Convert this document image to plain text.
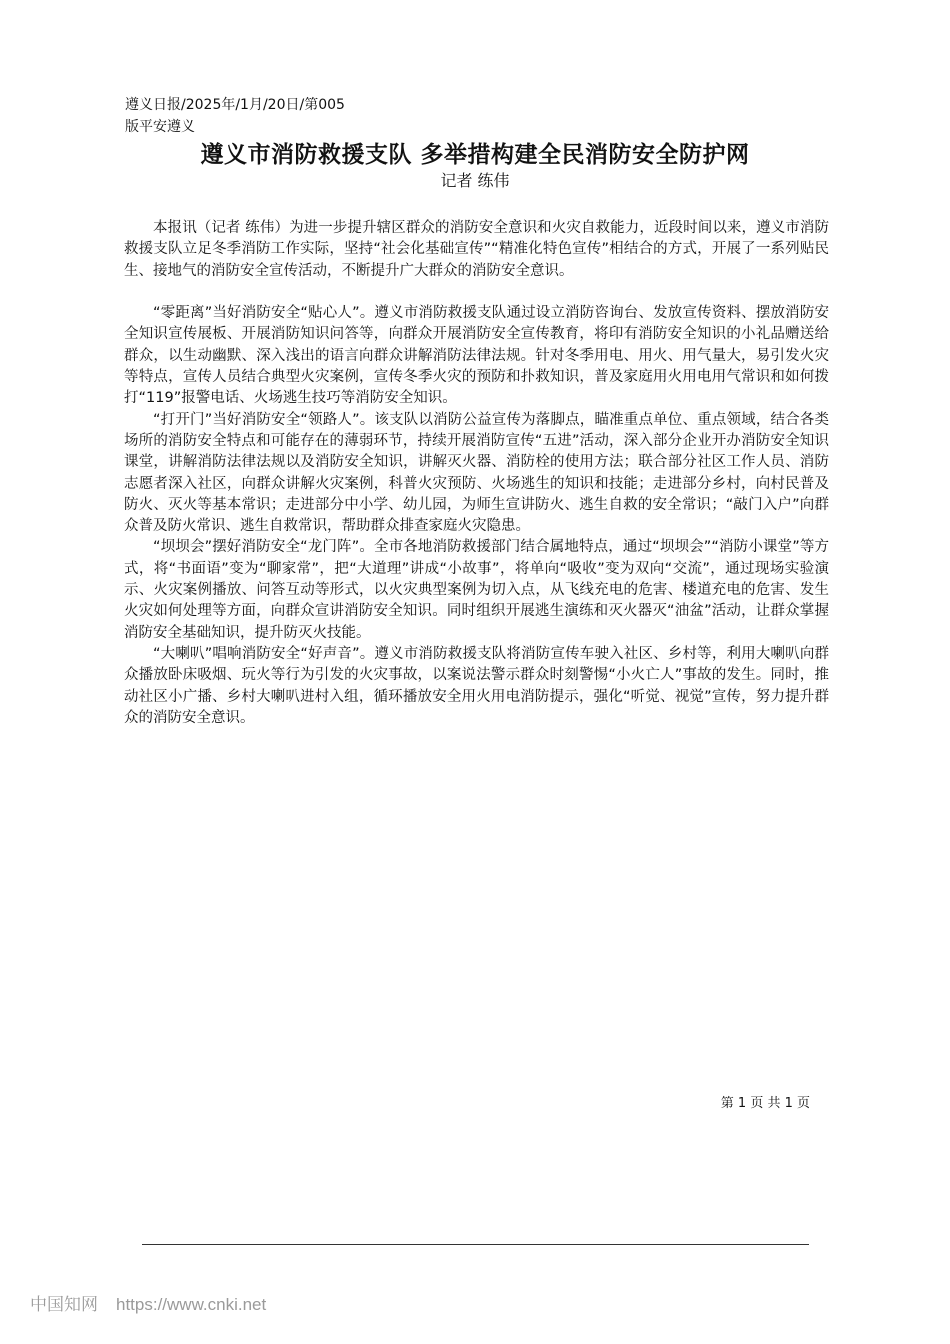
遵义日报/2025年/1月/20日/第005
版平安遵义
遵义市消防救援支队 多举措构建全民消防安全防护网
记者 练伟

本报讯（记者 练伟）为进一步提升辖区群众的消防安全意识和火灾自救能力，近段时间以来，遵义市消防救援支队立足冬季消防工作实际，坚持“社会化基础宣传”“精准化特色宣传”相结合的方式，开展了一系列贴民生、接地气的消防安全宣传活动，不断提升广大群众的消防安全意识。

“零距离”当好消防安全“贴心人”。遵义市消防救援支队通过设立消防咨询台、发放宣传资料、摆放消防安全知识宣传展板、开展消防知识问答等，向群众开展消防安全宣传教育，将印有消防安全知识的小礼品赠送给群众，以生动幽默、深入浅出的语言向群众讲解消防法律法规。针对冬季用电、用火、用气量大，易引发火灾等特点，宣传人员结合典型火灾案例，宣传冬季火灾的预防和扑救知识，普及家庭用火用电用气常识和如何拨打“119”报警电话、火场逃生技巧等消防安全知识。

“打开门”当好消防安全“领路人”。该支队以消防公益宣传为落脚点，瞄准重点单位、重点领域，结合各类场所的消防安全特点和可能存在的薄弱环节，持续开展消防宣传“五进”活动，深入部分企业开办消防安全知识课堂，讲解消防法律法规以及消防安全知识，讲解灭火器、消防栓的使用方法；联合部分社区工作人员、消防志愿者深入社区，向群众讲解火灾案例，科普火灾预防、火场逃生的知识和技能；走进部分乡村，向村民普及防火、灭火等基本常识；走进部分中小学、幼儿园，为师生宣讲防火、逃生自救的安全常识；“敲门入户”向群众普及防火常识、逃生自救常识，帮助群众排查家庭火灾隐患。

“坝坝会”摆好消防安全“龙门阵”。全市各地消防救援部门结合属地特点，通过“坝坝会”“消防小课堂”等方式，将“书面语”变为“聊家常”，把“大道理”讲成“小故事”，将单向“吸收”变为双向“交流”，通过现场实验演示、火灾案例播放、问答互动等形式，以火灾典型案例为切入点，从飞线充电的危害、楼道充电的危害、发生火灾如何处理等方面，向群众宣讲消防安全知识。同时组织开展逃生演练和灭火器灭“油盆”活动，让群众掌握消防安全基础知识，提升防灭火技能。

“大喇叭”唱响消防安全“好声音”。遵义市消防救援支队将消防宣传车驶入社区、乡村等，利用大喇叭向群众播放卧床吸烟、玩火等行为引发的火灾事故，以案说法警示群众时刻警惕“小火亡人”事故的发生。同时，推动社区小广播、乡村大喇叭进村入组，循环播放安全用火用电消防提示，强化“听觉、视觉”宣传，努力提升群众的消防安全意识。

第 1 页 共 1 页
中国知网 https://www.cnki.net
